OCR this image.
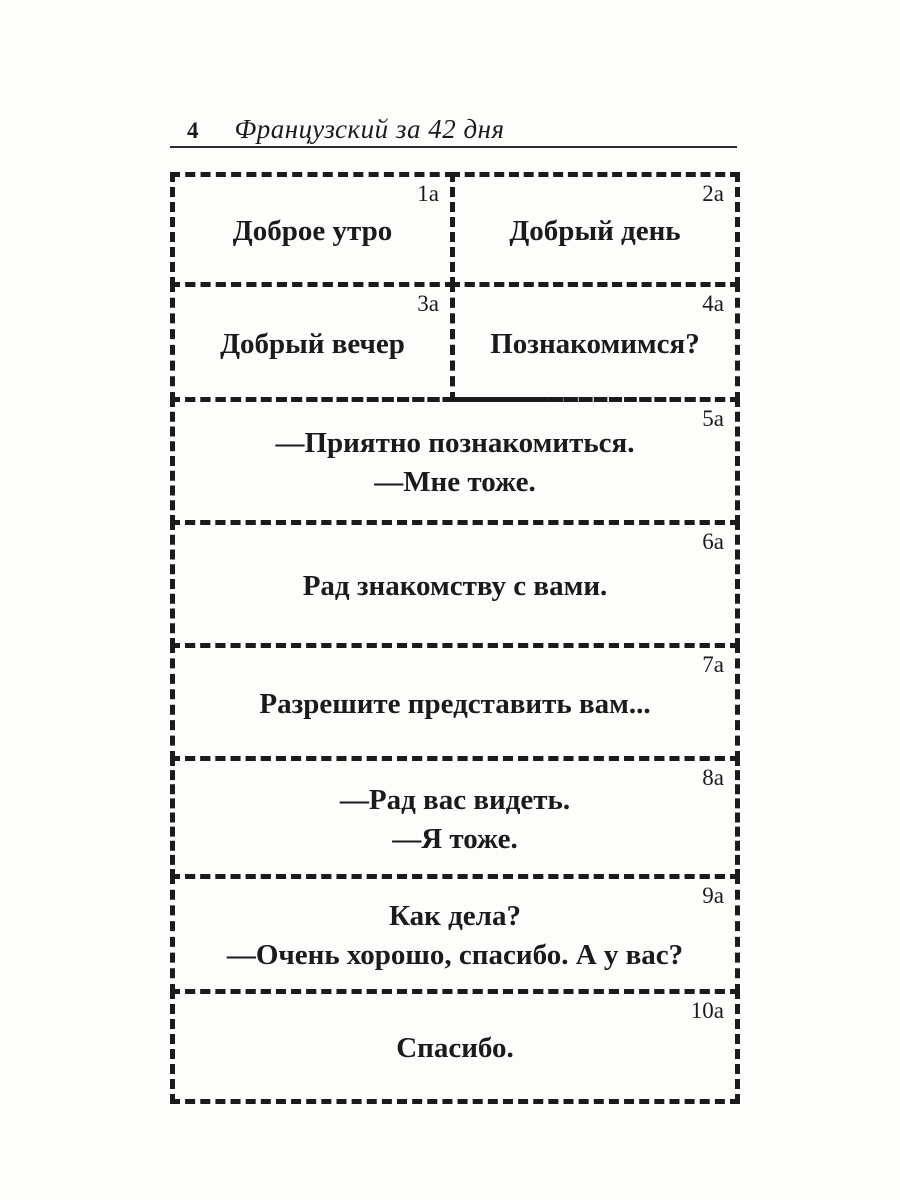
4 Французский за 42 дня
1а
Доброе утро
2а
Добрый день
3а
Добрый вечер
4а
Познакомимся?
5а
—Приятно познакомиться.
—Мне тоже.
6а
Рад знакомству с вами.
7а
Разрешите представить вам...
8а
—Рад вас видеть.
—Я тоже.
9а
Как дела?
—Очень хорошо, спасибо. А у вас?
10а
Спасибо.
